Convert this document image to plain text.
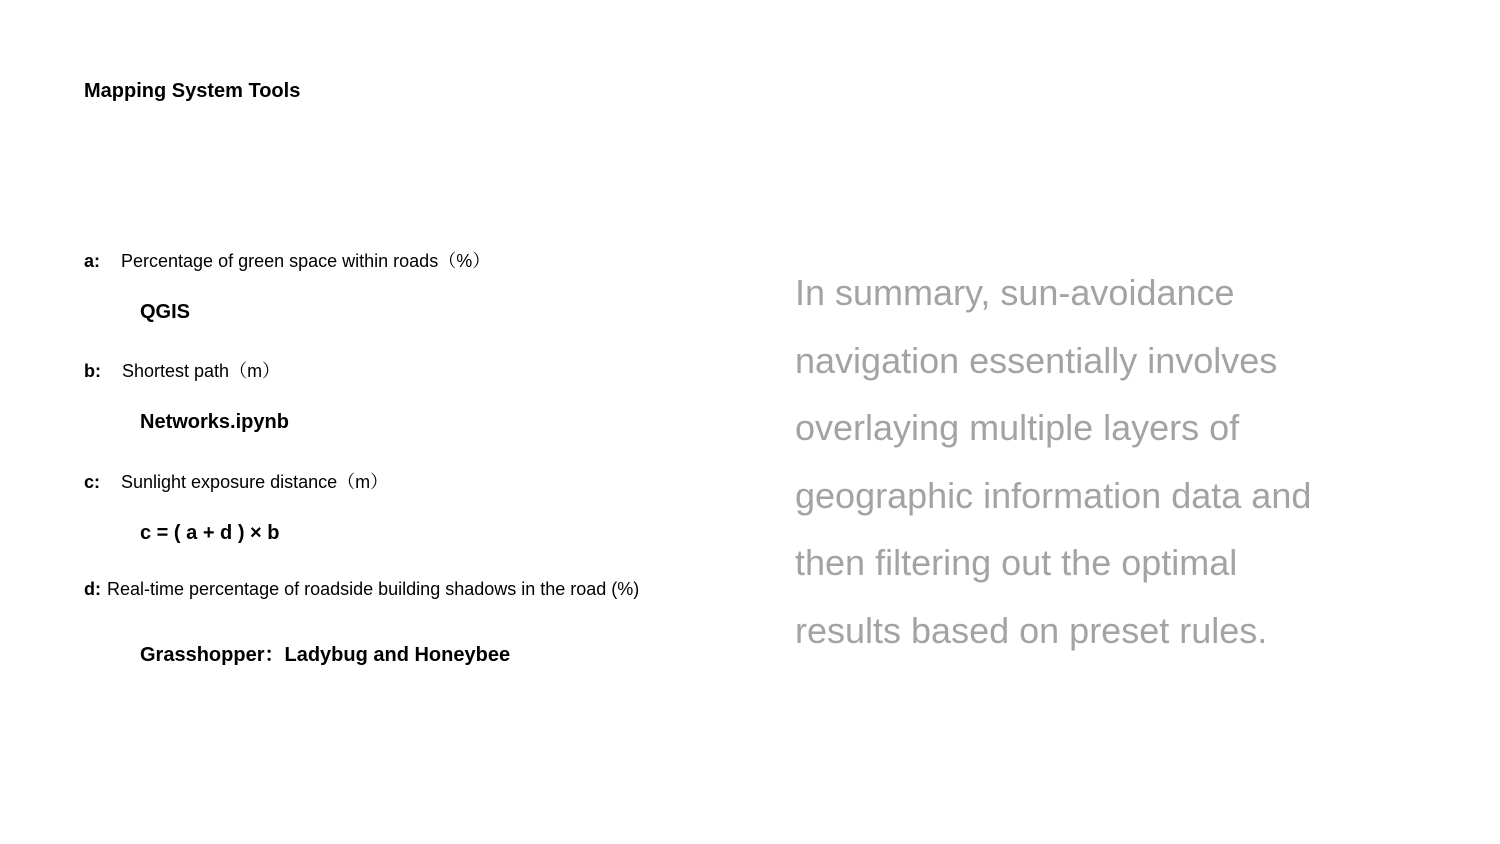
Mapping System Tools
a: Percentage of green space within roads（%）
QGIS
b: Shortest path（m）
Networks.ipynb
c: Sunlight exposure distance（m）
c = ( a + d ) × b
d: Real-time percentage of roadside building shadows in the road (%)
Grasshopper：Ladybug and Honeybee
In summary, sun-avoidance
navigation essentially involves
overlaying multiple layers of
geographic information data and
then filtering out the optimal
results based on preset rules.
